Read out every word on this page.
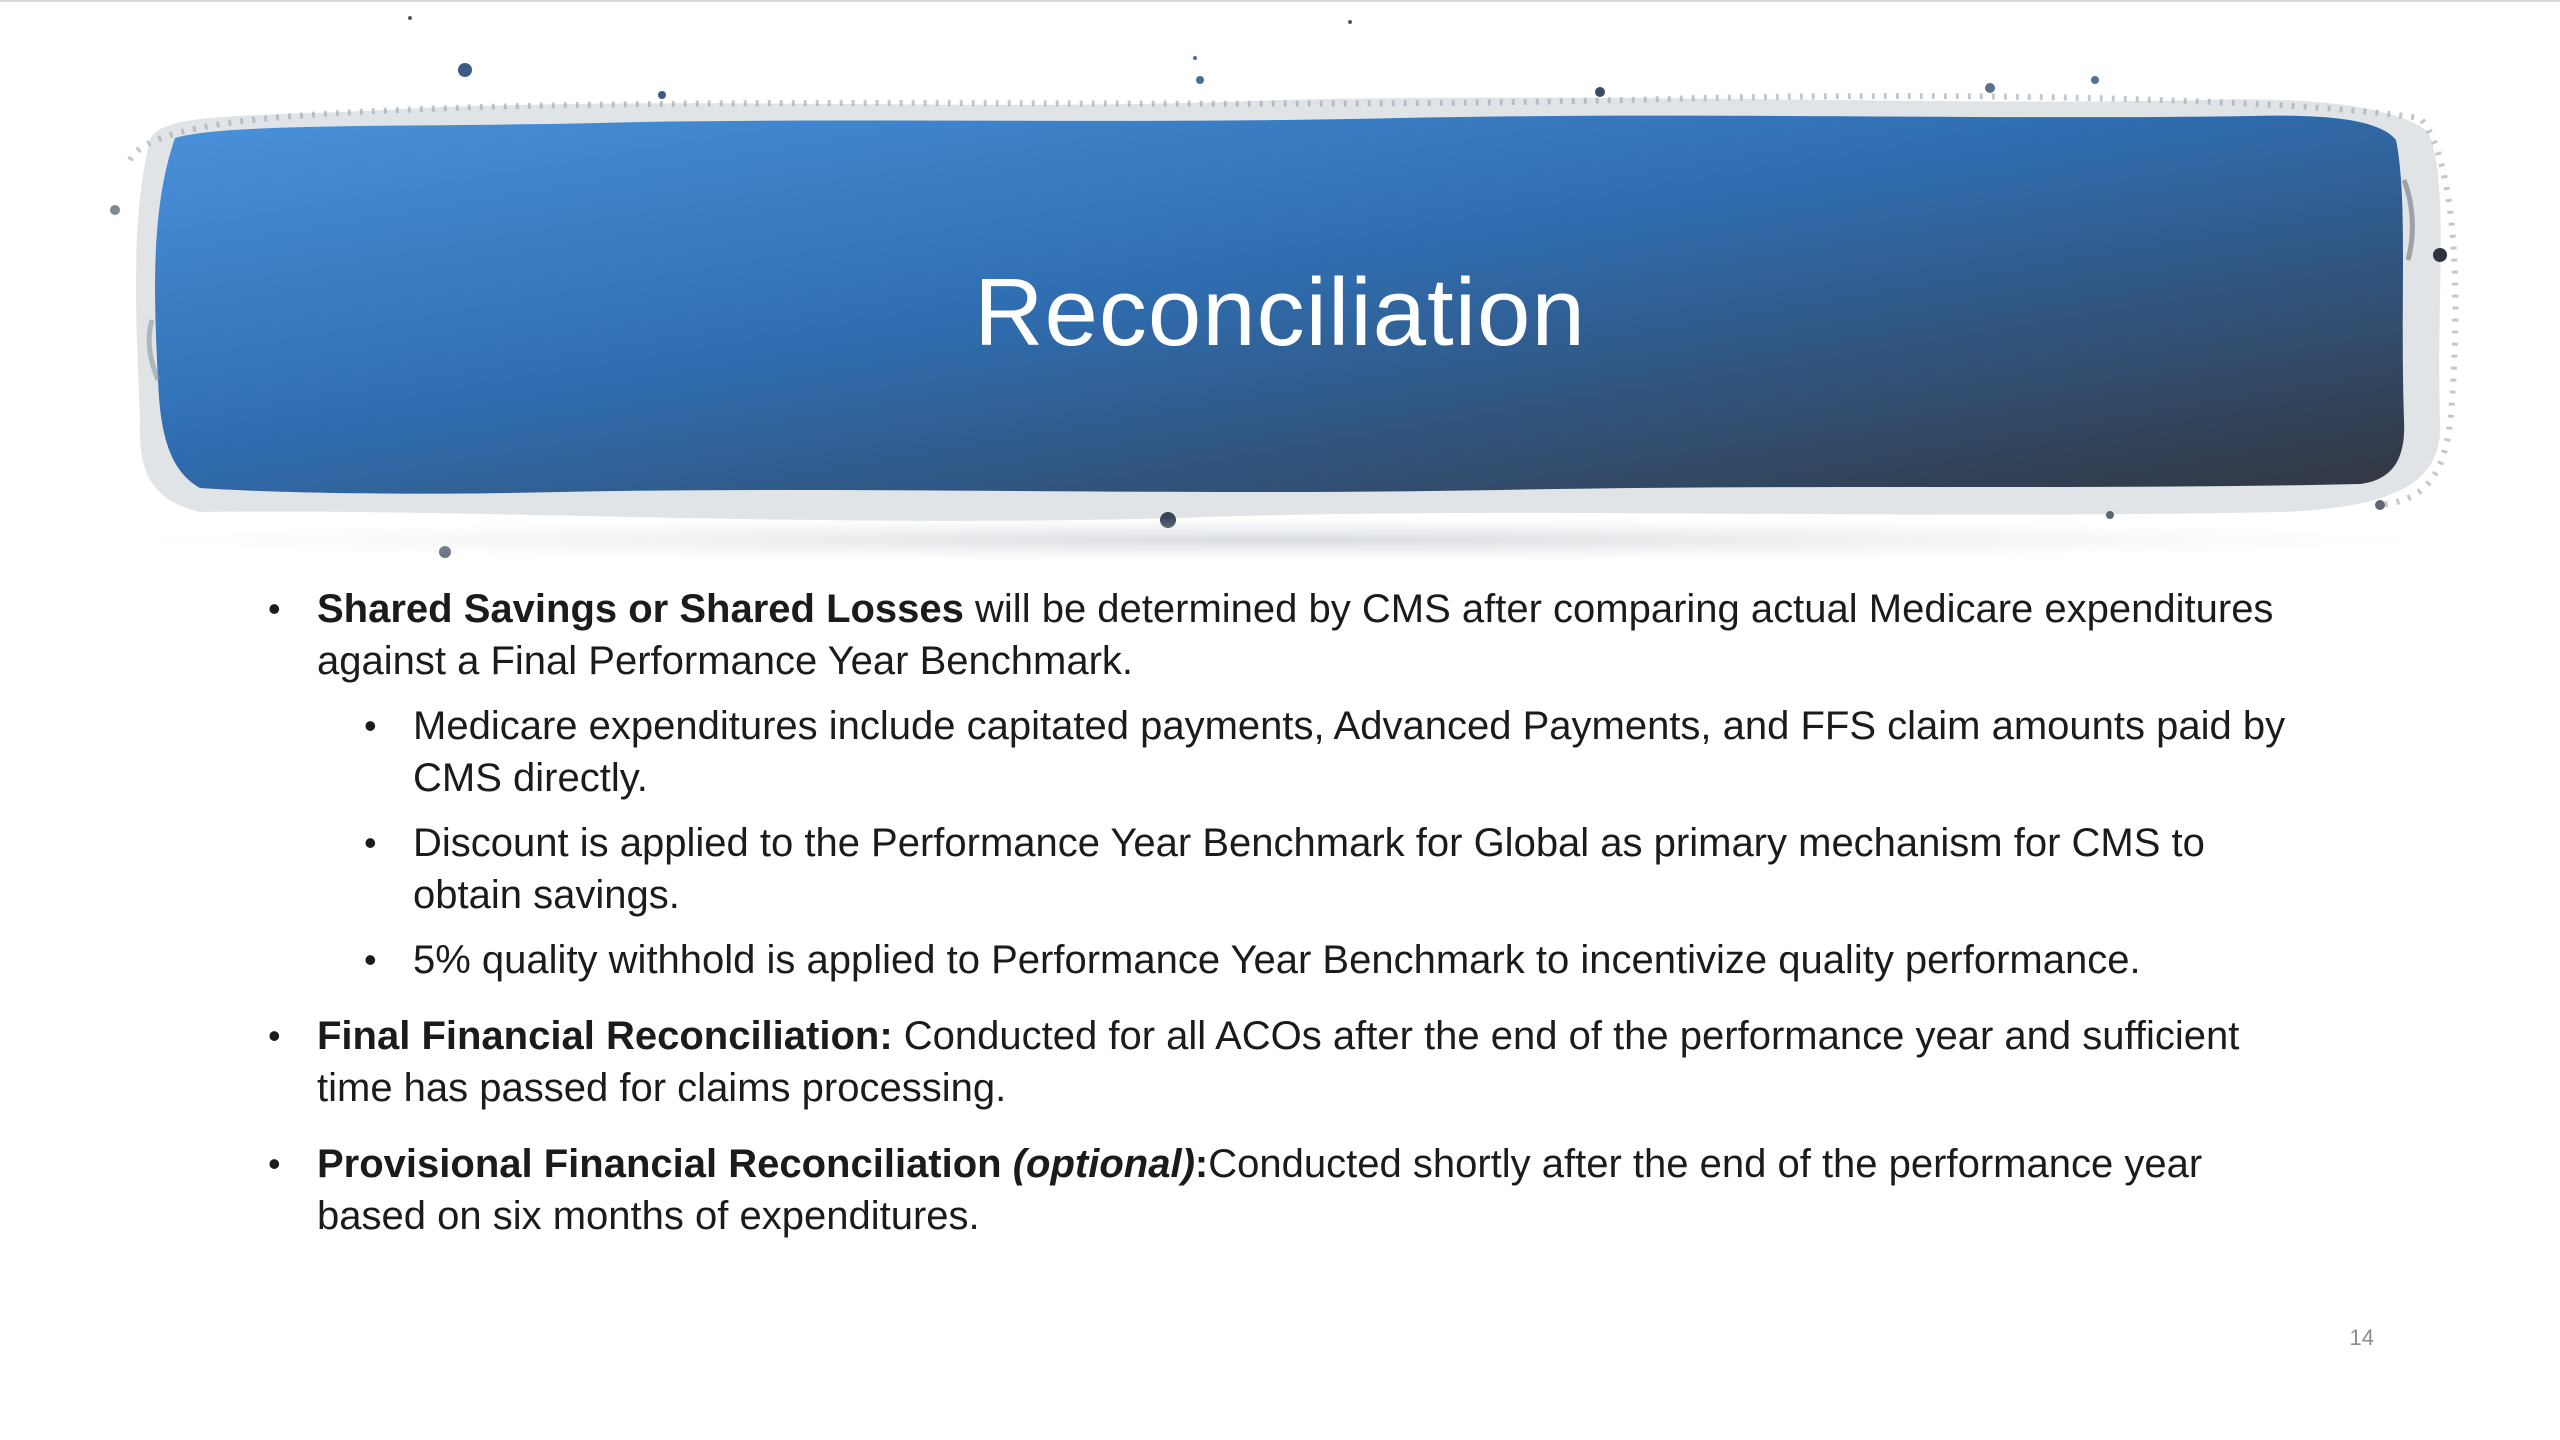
Reconciliation
• Shared Savings or Shared Losses will be determined by CMS after comparing actual Medicare expenditures against a Final Performance Year Benchmark.
• Medicare expenditures include capitated payments, Advanced Payments, and FFS claim amounts paid by CMS directly.
• Discount is applied to the Performance Year Benchmark for Global as primary mechanism for CMS to obtain savings.
• 5% quality withhold is applied to Performance Year Benchmark to incentivize quality performance.
• Final Financial Reconciliation: Conducted for all ACOs after the end of the performance year and sufficient time has passed for claims processing.
• Provisional Financial Reconciliation (optional):Conducted shortly after the end of the performance year based on six months of expenditures.
14
